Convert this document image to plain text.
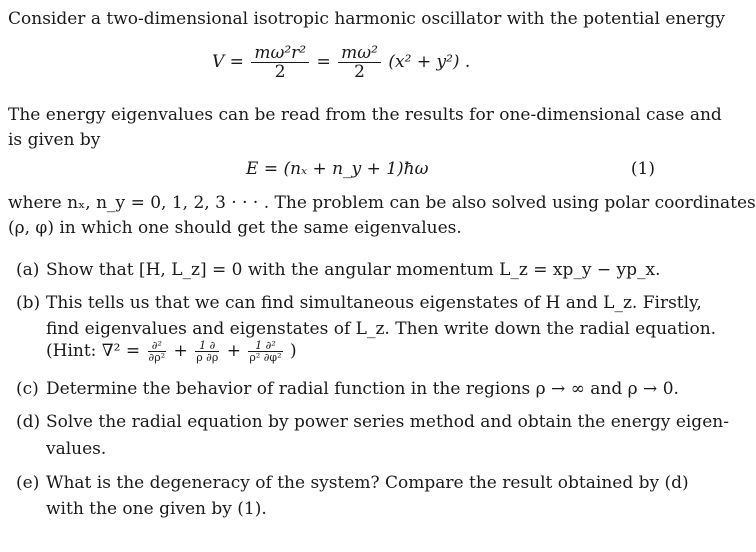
Consider a two-dimensional isotropic harmonic oscillator with the potential energy
$V = \frac{\text{mω²r²}}{2} = \frac{\text{mω²}}{2} (x^2 + y^2)$ .
The energy eigenvalues can be read from the results for one-dimensional case and
is given by
E = (nₓ + n_y + 1)ħω	(1)
where nₓ, n_y = 0, 1, 2, 3 · · · . The problem can be also solved using polar coordinates
(ρ, φ) in which one should get the same eigenvalues.
(a) Show that [H, L_z] = 0 with the angular momentum L_z = xp_y − yp_x.
(b) This tells us that we can find simultaneous eigenstates of H and L_z. Firstly,
find eigenvalues and eigenstates of L_z. Then write down the radial equation.
(Hint: $\nabla^2 = \frac{\text{∂²}}{\text{∂ρ²}} + \frac{1 \partial}{\rho \partial\rho} + \frac{\text{1 ∂²}}{\text{ρ² ∂φ²}}$ )
(c) Determine the behavior of radial function in the regions ρ → ∞ and ρ → 0.
(d) Solve the radial equation by power series method and obtain the energy eigen-
values.
(e) What is the degeneracy of the system? Compare the result obtained by (d)
with the one given by (1).
